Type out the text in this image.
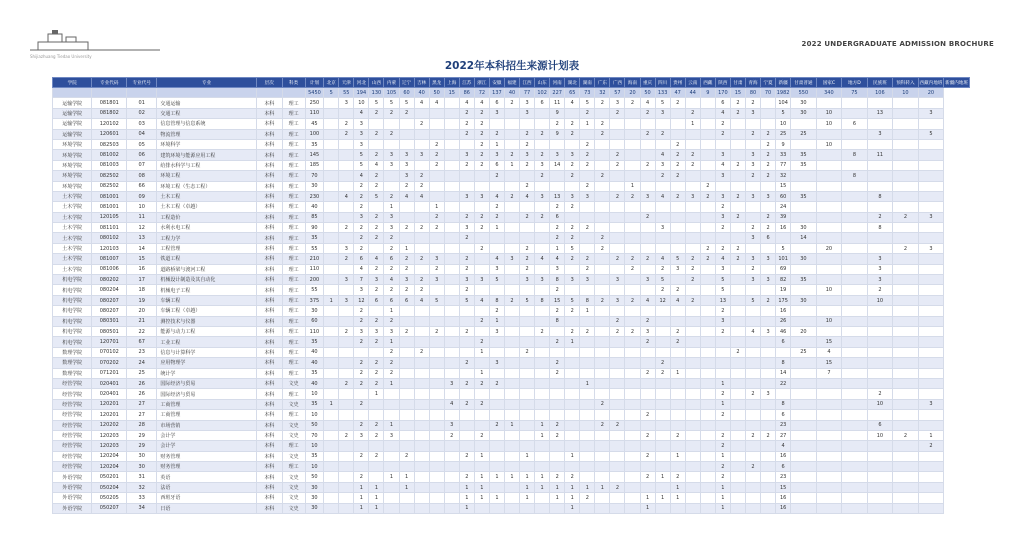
Shijiazhuang Tiedao University
2022 UNDERGRADUATE ADMISSION BROCHURE
2022年本科招生来源计划表
学院	专业代码	专业代号	专业	层次	科类	计划	北京	天津	河北	山西	内蒙	辽宁	吉林	黑龙	上海	江苏	浙江	安徽	福建	江西	山东	河南	湖北	湖南	广东	广西	海南	重庆	四川	贵州	云南	西藏	陕西	甘肃	青海	宁夏	新疆	甘肃普通	国家C	地方D	民族班	预科转入	西藏内地班	新疆内地班
						5450	5	55	194	130	105	60	40	50	15	86	72	137	40	77	102	227	65	73	32	57	20	50	133	47	44	9	170	15	80	70	1982	550	340	75	106	10	20	
运输学院	081801	01	交通运输	本科	理工	250		3	10	5	5	5	4	4		4	4	6	2	3	6	11	4	5	2	3	2	4	5	2			6	2	2		104	30						
运输学院	081802	02	交通工程	本科	理工	110			4	2	2	2				2	2	3		3		9		2		2		2	3		2		4	2	3		5	30	10		13		3	
运输学院	120102	03	信息管理与信息系统	本科	理工	45		2	3				2			2	2					2	2	1	2						1		2				10		10	6				
运输学院	120601	04	物流管理	本科	理工	100		2	3	2	2					2	2	2		2	2	9	2		2			2	2				2		2	2	25	25			3		5	
环境学院	082503	05	环境科学	本科	理工	35			3					2			2	1		2				2						2						2	9		10					
环境学院	081002	06	建筑环境与能源应用工程	本科	理工	145			5	2	3	3	3	2		3	2	3	2	3	2	3	3	2		2			4	2	2		3		3	2	33	35		8	11			
环境学院	081003	07	给排水科学与工程	本科	理工	185			5	4	3	3		2		2	2	6	1	2	3	14	2	2		2		2	3	2	2		4	2	3	2	77	35						
环境学院	082502	08	环境工程	本科	理工	70			4	2		3	2					2			2		2		2				2	2			3		2	2	32			8				
环境学院	082502	66	环境工程（生态工程）	本科	理工	30			2	2		2	2							2				2			1					2					15							
土木学院	081001	09	土木工程	本科	理工	230		4	2	5	2	4	4			3	3	4	2	4	3	13	3	3		2	2	3	4	2	3	2	3	2	3	3	60	35			8			
土木学院	081001	10	土木工程（卓越）	本科	理工	40			2		1			1				2				2	2										2				24							
土木学院	120105	11	工程造价	本科	理工	85			3	2	3			2		2	2	2		2	2	6						2					3	2		2	39				2	2	3	
土木学院	081101	12	水利水电工程	本科	理工	90		2	2	2	3	2	2	2		3	2	1				2	2	2					3				2		2	2	16	30			8			
土木学院	080102	13	工程力学	本科	理工	35			2	2	2					2						2	2		2										3	6		14						
土木学院	120103	14	工程管理	本科	理工	55		3	2		2	1					2			2		1	5		2							2	2	2			5		20			2	3	
土木学院	081007	15	铁道工程	本科	理工	210		2	6	4	6	2	2	3		2		4	3	2	4	4	2	2		2	2	2	4	5	2	2	4	2	3	3	101	30			3			
土木学院	081006	16	道路桥梁与渡河工程	本科	理工	110			4	2	2	2		2		2		3		2		3		2			2		2	3	2		3		2		69				3			
机电学院	080202	17	机械设计制造及其自动化	本科	理工	200		3	7	3	4	3	2	3		3	3	5		3	3	8	3	3		3		3	5		2		5		3	3	82	35			3			
机电学院	080204	18	机械电子工程	本科	理工	55			3	2	2	2	2			2						2							2	2			5				19		10		2			
机电学院	080207	19	车辆工程	本科	理工	375	1	3	12	6	6	6	4	5		5	4	8	2	5	8	15	5	8	2	3	2	4	12	4	2		13		5	2	175	30			10			
机电学院	080207	20	车辆工程（卓越）	本科	理工	30			2		1							2				2	2	1									2				16							
机电学院	080301	21	测控技术与仪器	本科	理工	60			2	2	2						2	1				8				2		2					3				26		10					
机电学院	080501	22	能源与动力工程	本科	理工	110		2	3	3	3	2		2		2		3			2		2	2		2	2	3		2			2		4	3	46	20						
机电学院	120701	67	工业工程	本科	理工	35			2	2	1						2					2	1					2		2							6		15					
数理学院	070102	23	信息与计算科学	本科	理工	40					2		2				1			2														2				25	4					
数理学院	070202	24	应用物理学	本科	理工	40			2	2	2					2		3				2							2								8		15					
数理学院	071201	25	统计学	本科	理工	35			2	2	2						1					2						2	2	1							14		7					
经管学院	020401	26	国际经济与贸易	本科	文史	40		2	2	2	1				3	2	2	2						1									1				22							
经管学院	020401	26	国际经济与贸易	本科	理工	10				1																							2		2	3					2			
经管学院	120201	27	工商管理	本科	文史	35	1		2						4	2	2								2								1				8				10		3	
经管学院	120201	27	工商管理	本科	理工	10																						2					2				6							
经管学院	120202	28	市场营销	本科	文史	50			2	2	1				3			2	1		1	2			2	2											23				6			
经管学院	120203	29	会计学	本科	文史	70		2	3	2	3				2		2				1	2						2		2			2		2	2	27				10	2	1	
经管学院	120203	29	会计学	本科	理工	10																											2				4						2	
经管学院	120204	30	财务管理	本科	文史	35			2	2		2				2	1			1			1					2		1			1				16							
经管学院	120204	30	财务管理	本科	理工	10																											2		2		6							
外语学院	050201	31	英语	本科	文史	50			2		1	1				2	1	1	1	1	1	2	2					2	1	2			2				23							
外语学院	050204	32	法语	本科	文史	30			1	1		1				1	1			1	1	1	1	1	1	2				1			1				15							
外语学院	050205	33	西班牙语	本科	文史	30			1	1						1	1	1		1		1	1	2				1	1	1			1				16							
外语学院	050207	34	日语	本科	文史	30			1	1						1							1					1					1				16							
